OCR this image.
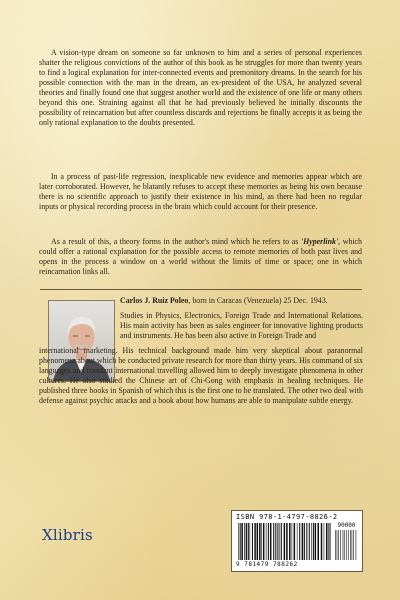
A vision-type dream on someone so far unknown to him and a series of personal experiences shatter the religious convictions of the author of this book as he struggles for more than twenty years to find a logical explanation for inter-connected events and premonitory dreams. In the search for his possible connection with the man in the dream, an ex-president of the USA, he analyzed several theories and finally found one that suggest another world and the existence of one life or many others beyond this one. Straining against all that he had previously believed he initially discounts the possibility of reincarnation but after countless discards and rejections he finally accepts it as being the only rational explanation to the doubts presented.

In a process of past-life regression, inexplicable new evidence and memories appear which are later corroborated. However, he blatantly refuses to accept these memories as being his own because there is no scientific approach to justify their existence in his mind, as there had been no regular inputs or physical recording process in the brain which could account for their presence.

As a result of this, a theory forms in the author's mind which he refers to as 'Hyperlink', which could offer a rational explanation for the possible access to remote memories of both past lives and opens in the process a window on a world without the limits of time or space; one in which reincarnation links all.

Carlos J. Ruiz Poleo, born in Caracas (Venezuela) 25 Dec. 1943.

Studies in Physics, Electronics, Foreign Trade and International Relations. His main activity has been as sales engineer for innovative lighting products and instruments. He has been also active in Foreign Trade and

international marketing. His technical background made him very skeptical about paranormal phenomena about which he conducted private research for more than thirty years. His command of six languages and constant international travelling allowed him to deeply investigate phenomena in other cultures. He also studied the Chinese art of Chi-Gong with emphasis in healing techniques. He published three books in Spanish of which this is the first one to be translated. The other two deal with defense against psychic attacks and a book about how humans are able to manipulate subtle energy.

Xlibris
ISBN 978-1-4797-8826-2
9 781479 788262
90000
